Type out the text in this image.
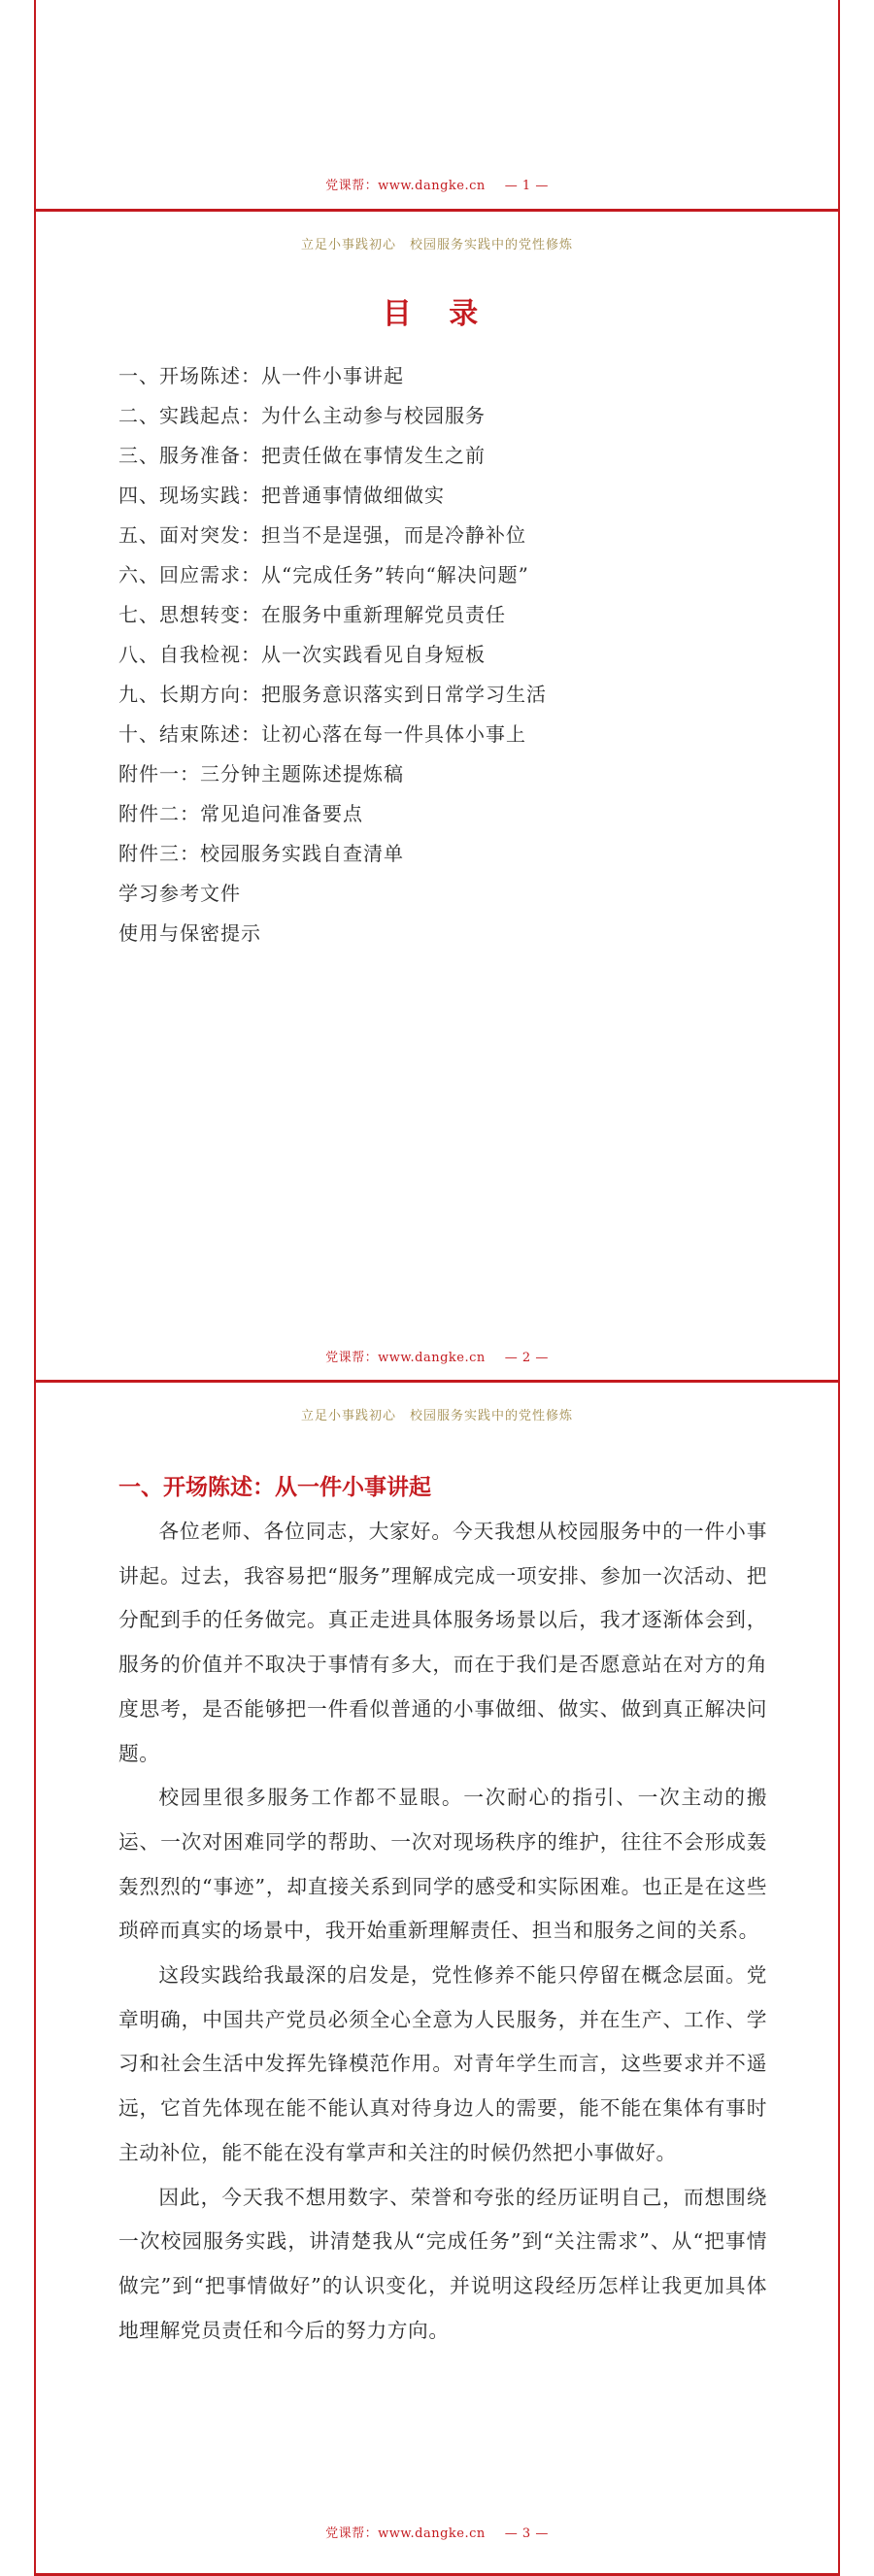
党课帮：www.dangke.cn — 1 —
立足小事践初心　校园服务实践中的党性修炼
目 录
一、开场陈述：从一件小事讲起
二、实践起点：为什么主动参与校园服务
三、服务准备：把责任做在事情发生之前
四、现场实践：把普通事情做细做实
五、面对突发：担当不是逞强，而是冷静补位
六、回应需求：从“完成任务”转向“解决问题”
七、思想转变：在服务中重新理解党员责任
八、自我检视：从一次实践看见自身短板
九、长期方向：把服务意识落实到日常学习生活
十、结束陈述：让初心落在每一件具体小事上
附件一：三分钟主题陈述提炼稿
附件二：常见追问准备要点
附件三：校园服务实践自查清单
学习参考文件
使用与保密提示
党课帮：www.dangke.cn — 2 —
立足小事践初心　校园服务实践中的党性修炼
一、开场陈述：从一件小事讲起

各位老师、各位同志，大家好。今天我想从校园服务中的一件小事讲起。过去，我容易把“服务”理解成完成一项安排、参加一次活动、把分配到手的任务做完。真正走进具体服务场景以后，我才逐渐体会到，服务的价值并不取决于事情有多大，而在于我们是否愿意站在对方的角度思考，是否能够把一件看似普通的小事做细、做实、做到真正解决问题。

校园里很多服务工作都不显眼。一次耐心的指引、一次主动的搬运、一次对困难同学的帮助、一次对现场秩序的维护，往往不会形成轰轰烈烈的“事迹”，却直接关系到同学的感受和实际困难。也正是在这些琐碎而真实的场景中，我开始重新理解责任、担当和服务之间的关系。

这段实践给我最深的启发是，党性修养不能只停留在概念层面。党章明确，中国共产党员必须全心全意为人民服务，并在生产、工作、学习和社会生活中发挥先锋模范作用。对青年学生而言，这些要求并不遥远，它首先体现在能不能认真对待身边人的需要，能不能在集体有事时主动补位，能不能在没有掌声和关注的时候仍然把小事做好。

因此，今天我不想用数字、荣誉和夸张的经历证明自己，而想围绕一次校园服务实践，讲清楚我从“完成任务”到“关注需求”、从“把事情做完”到“把事情做好”的认识变化，并说明这段经历怎样让我更加具体地理解党员责任和今后的努力方向。

党课帮：www.dangke.cn — 3 —
